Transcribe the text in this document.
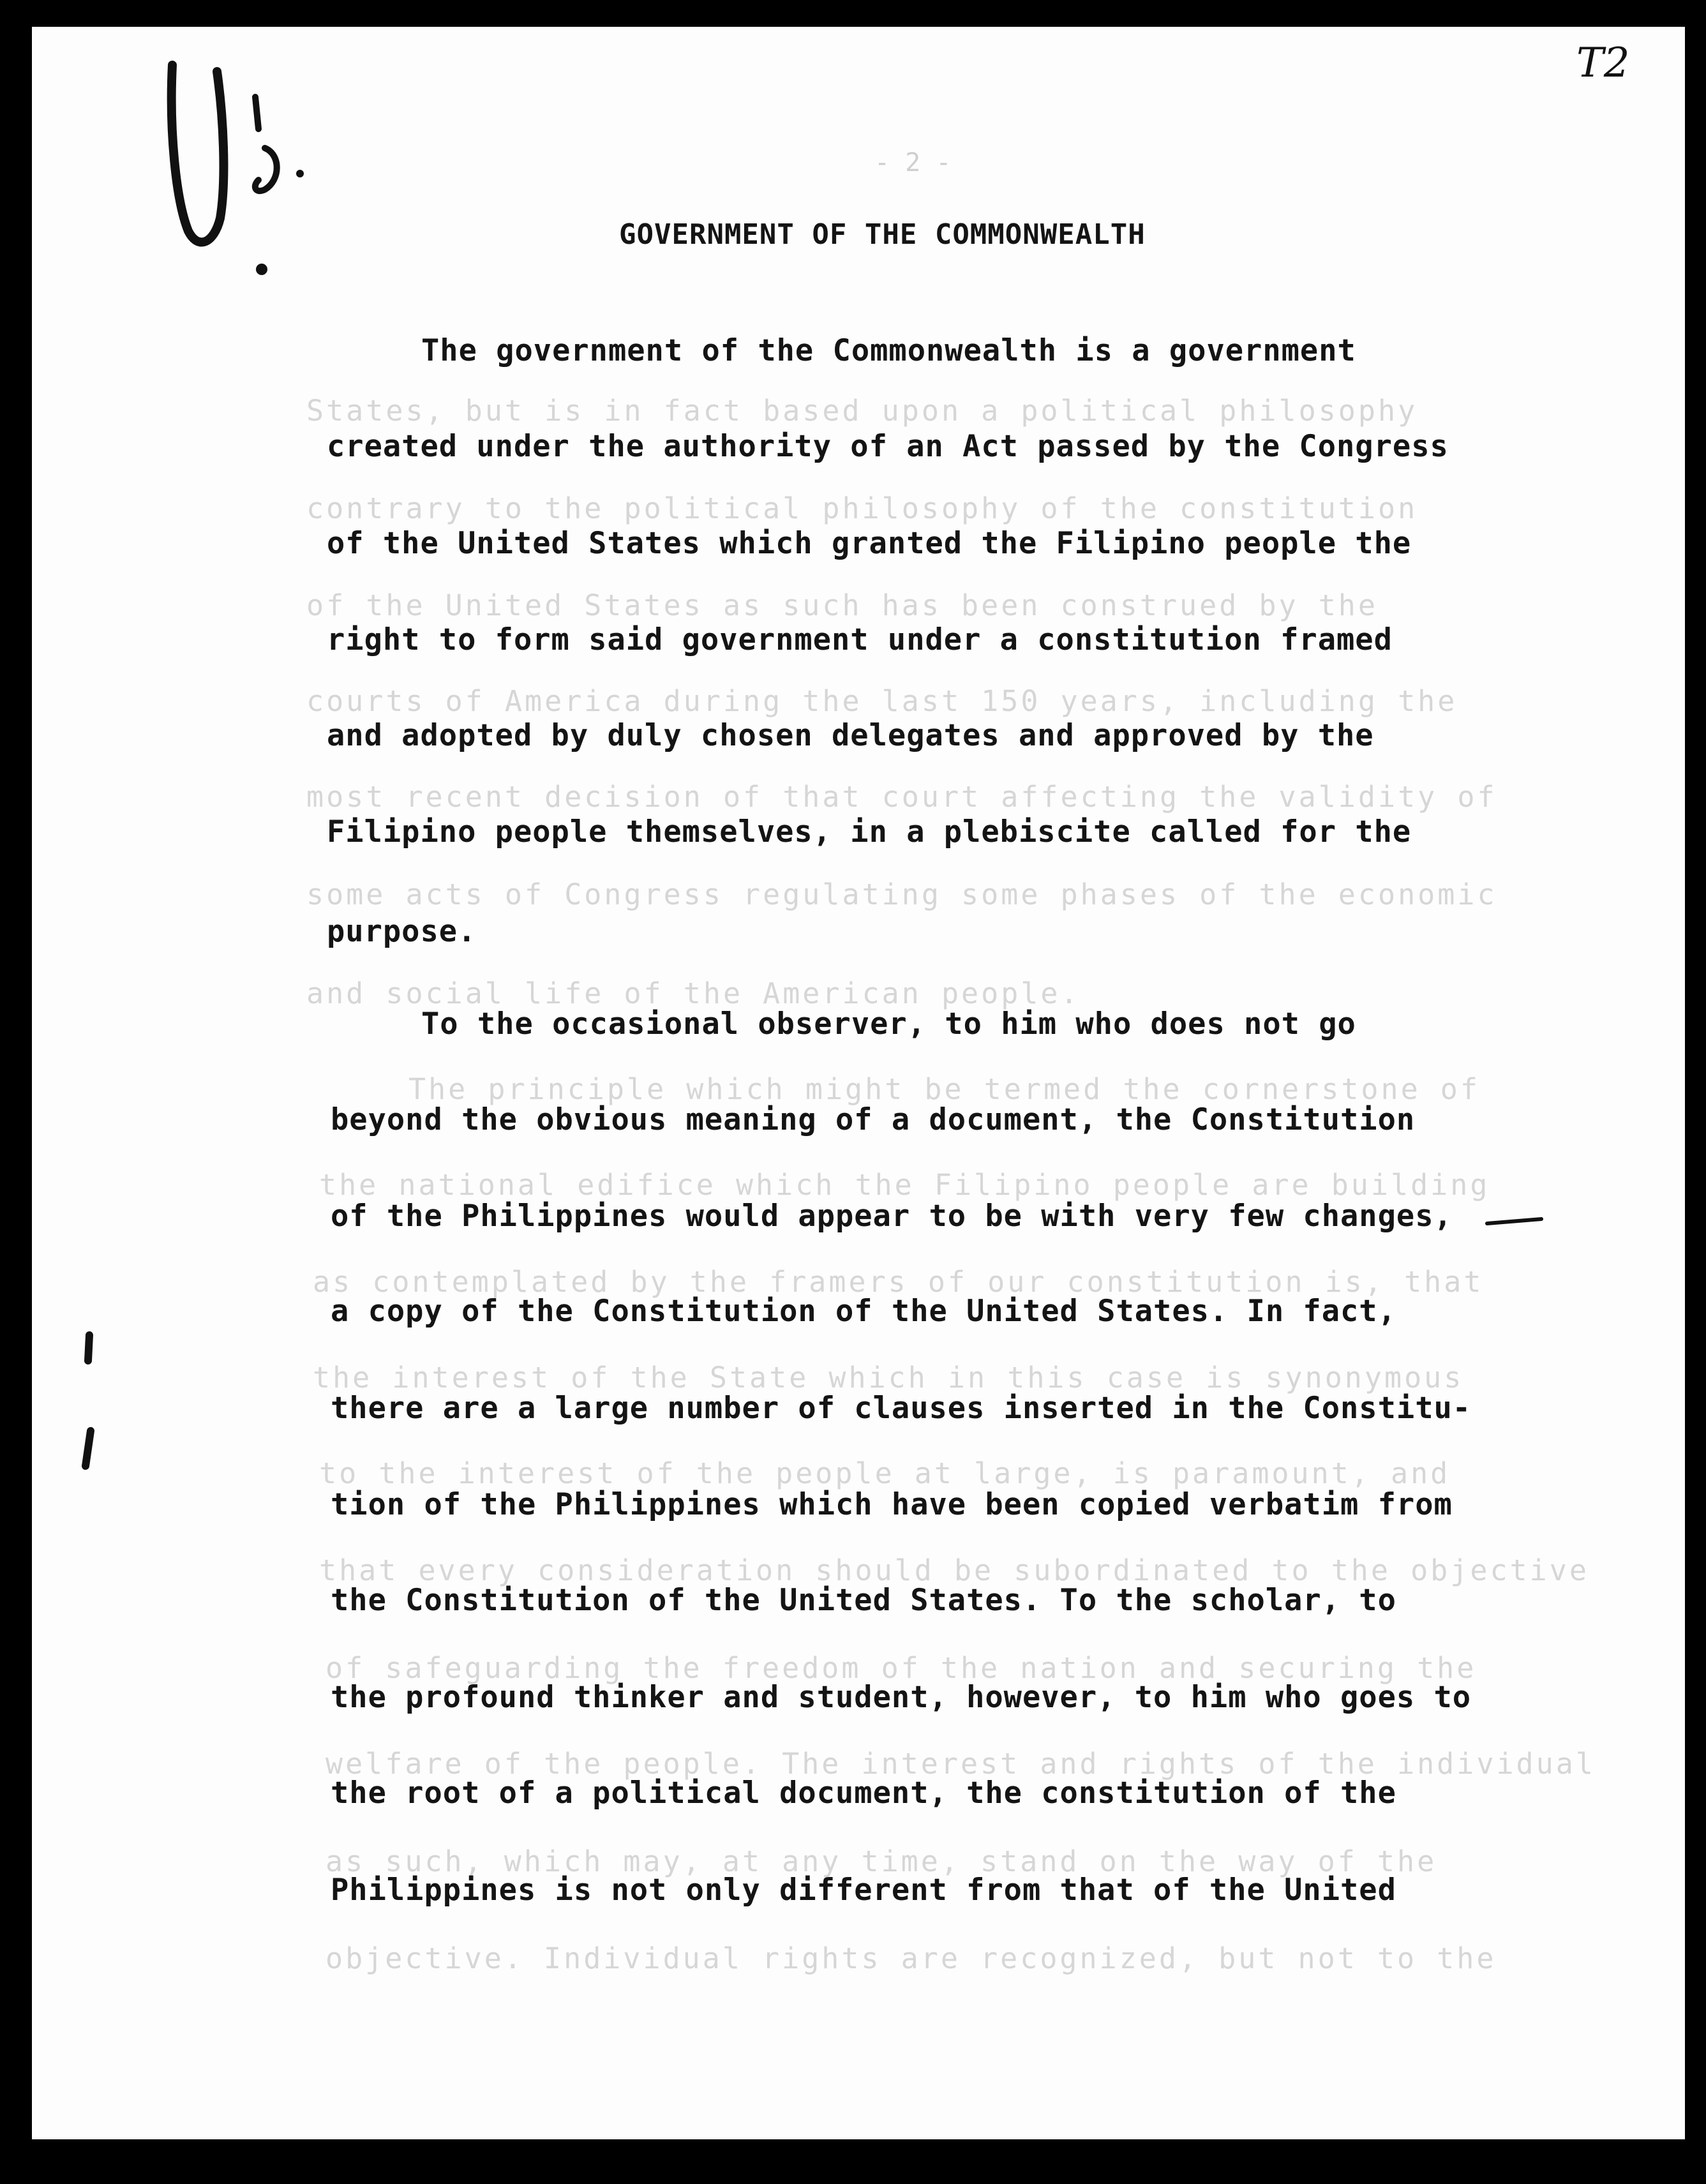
States, but is in fact based upon a political philosophy
contrary to the political philosophy of the constitution
of the United States as such has been construed by the
courts of America during the last 150 years, including the
most recent decision of that court affecting the validity of
some acts of Congress regulating some phases of the economic
and social life of the American people.
The principle which might be termed the cornerstone of
the national edifice which the Filipino people are building
as contemplated by the framers of our constitution is, that
the interest of the State which in this case is synonymous
to the interest of the people at large, is paramount, and
that every consideration should be subordinated to the objective
of safeguarding the freedom of the nation and securing the
welfare of the people. The interest and rights of the individual
as such, which may, at any time, stand on the way of the
objective. Individual rights are recognized, but not to the
T2
- 2 -
GOVERNMENT OF THE COMMONWEALTH
The government of the Commonwealth is a government
created under the authority of an Act passed by the Congress
of the United States which granted the Filipino people the
right to form said government under a constitution framed
and adopted by duly chosen delegates and approved by the
Filipino people themselves, in a plebiscite called for the
purpose.
To the occasional observer, to him who does not go
beyond the obvious meaning of a document, the Constitution
of the Philippines would appear to be with very few changes,
a copy of the Constitution of the United States. In fact,
there are a large number of clauses inserted in the Constitu-
tion of the Philippines which have been copied verbatim from
the Constitution of the United States. To the scholar, to
the profound thinker and student, however, to him who goes to
the root of a political document, the constitution of the
Philippines is not only different from that of the United
